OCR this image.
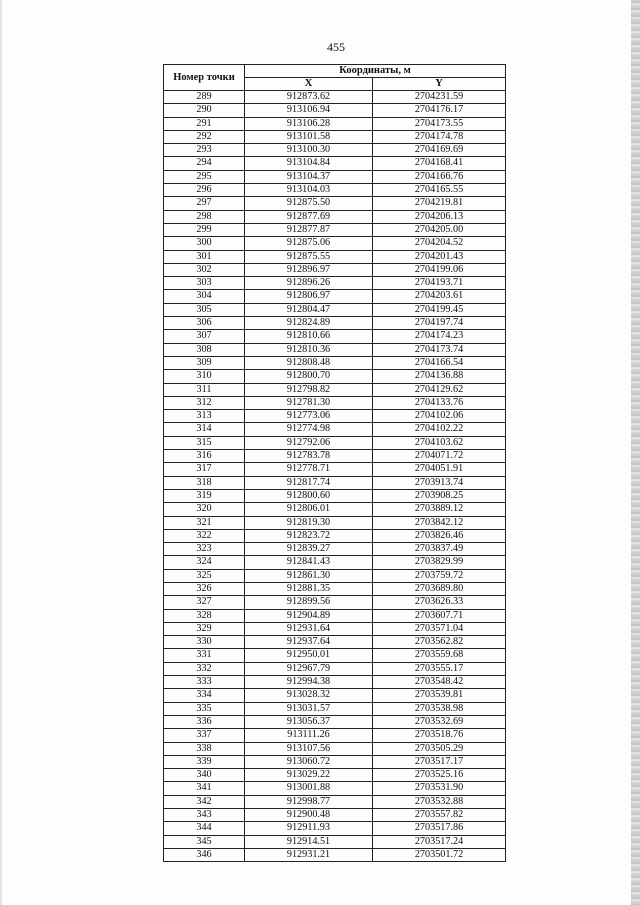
455
Номер точки	Координаты, м	
	X	Y
289	912873.62	2704231.59
290	913106.94	2704176.17
291	913106.28	2704173.55
292	913101.58	2704174.78
293	913100.30	2704169.69
294	913104.84	2704168.41
295	913104.37	2704166.76
296	913104.03	2704165.55
297	912875.50	2704219.81
298	912877.69	2704206.13
299	912877.87	2704205.00
300	912875.06	2704204.52
301	912875.55	2704201.43
302	912896.97	2704199.06
303	912896.26	2704193.71
304	912806.97	2704203.61
305	912804.47	2704199.45
306	912824.89	2704197.74
307	912810.66	2704174.23
308	912810.36	2704173.74
309	912808.48	2704166.54
310	912800.70	2704136.88
311	912798.82	2704129.62
312	912781.30	2704133.76
313	912773.06	2704102.06
314	912774.98	2704102.22
315	912792.06	2704103.62
316	912783.78	2704071.72
317	912778.71	2704051.91
318	912817.74	2703913.74
319	912800.60	2703908.25
320	912806.01	2703889.12
321	912819.30	2703842.12
322	912823.72	2703826.46
323	912839.27	2703837.49
324	912841.43	2703829.99
325	912861.30	2703759.72
326	912881.35	2703689.80
327	912899.56	2703626.33
328	912904.89	2703607.71
329	912931.64	2703571.04
330	912937.64	2703562.82
331	912950.01	2703559.68
332	912967.79	2703555.17
333	912994.38	2703548.42
334	913028.32	2703539.81
335	913031.57	2703538.98
336	913056.37	2703532.69
337	913111.26	2703518.76
338	913107.56	2703505.29
339	913060.72	2703517.17
340	913029.22	2703525.16
341	913001.88	2703531.90
342	912998.77	2703532.88
343	912900.48	2703557.82
344	912911.93	2703517.86
345	912914.51	2703517.24
346	912931.21	2703501.72
